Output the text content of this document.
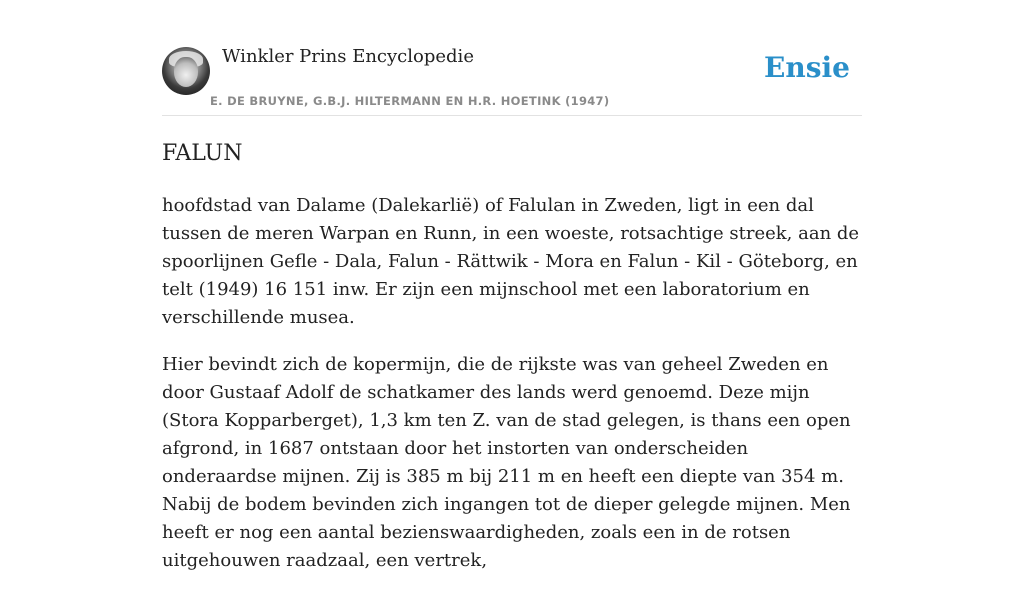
Winkler Prins Encyclopedie
E. DE BRUYNE, G.B.J. HILTERMANN EN H.R. HOETINK (1947)
Ensie
FALUN

hoofdstad van Dalame (Dalekarlië) of Falulan in Zweden, ligt in een dal tussen de meren Warpan en Runn, in een woeste, rotsachtige streek, aan de spoorlijnen Gefle - Dala, Falun - Rättwik - Mora en Falun - Kil - Göteborg, en telt (1949) 16 151 inw. Er zijn een mijnschool met een laboratorium en verschillende musea.

Hier bevindt zich de kopermijn, die de rijkste was van geheel Zweden en door Gustaaf Adolf de schatkamer des lands werd genoemd. Deze mijn (Stora Kopparberget), 1,3 km ten Z. van de stad gelegen, is thans een open afgrond, in 1687 ontstaan door het instorten van onderscheiden onderaardse mijnen. Zij is 385 m bij 211 m en heeft een diepte van 354 m. Nabij de bodem bevinden zich ingangen tot de dieper gelegde mijnen. Men heeft er nog een aantal bezienswaardigheden, zoals een in de rotsen uitgehouwen raadzaal, een vertrek,
